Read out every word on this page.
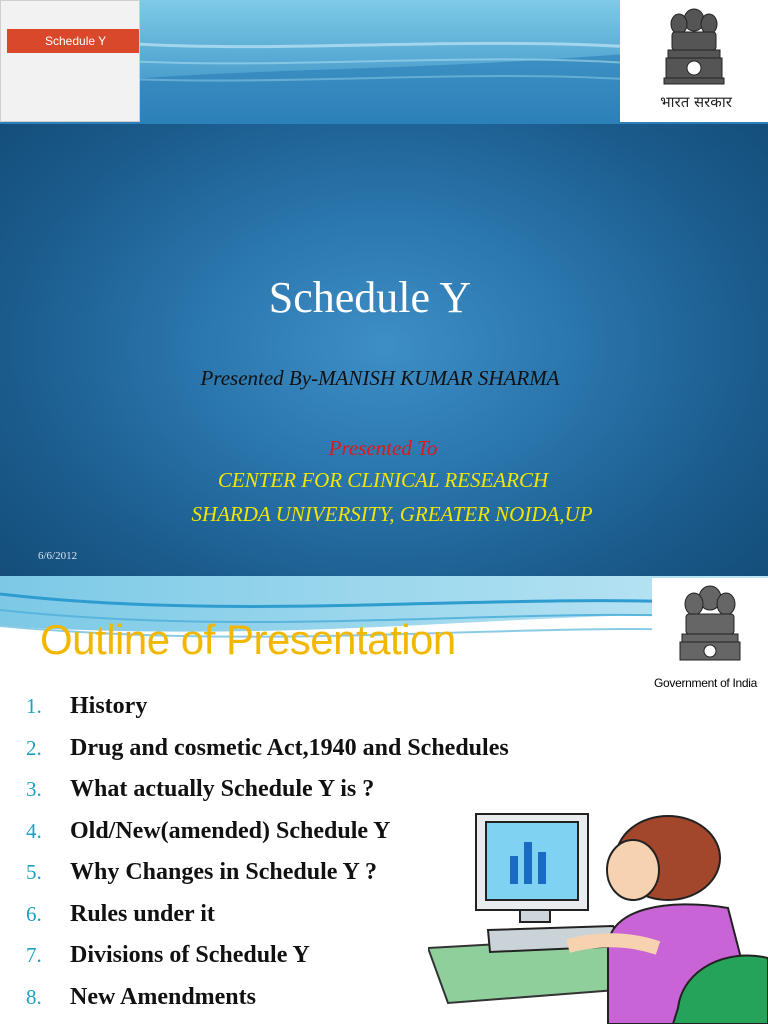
Schedule Y
भारत सरकार
Schedule Y
Presented By-MANISH KUMAR SHARMA
Presented To
CENTER FOR CLINICAL RESEARCH
SHARDA UNIVERSITY, GREATER NOIDA,UP
6/6/2012
Outline of Presentation
Government of India
1.	History
2.	Drug and cosmetic Act,1940 and Schedules
3.	What actually Schedule Y is ?
4.	Old/New(amended) Schedule Y
5.	Why Changes in Schedule Y ?
6.	Rules under it
7.	Divisions of Schedule Y
8.	New Amendments
